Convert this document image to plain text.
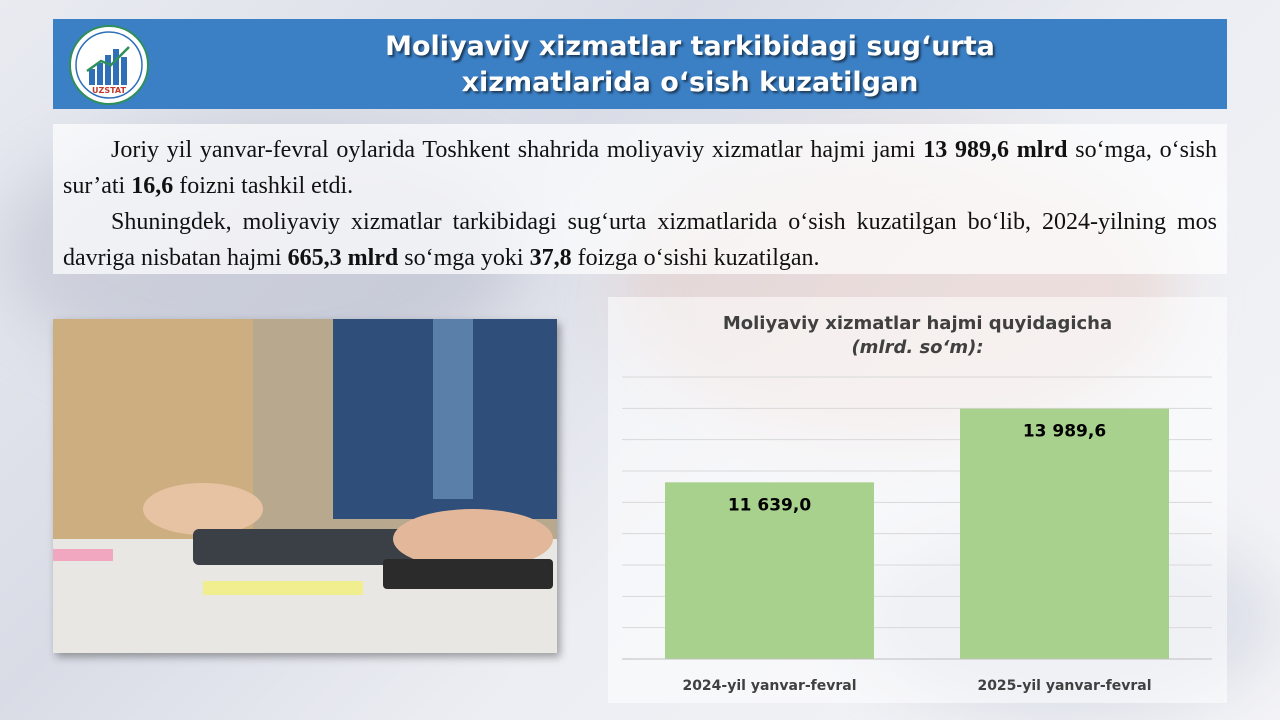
UZSTAT
Moliyaviy xizmatlar tarkibidagi sug‘urta
xizmatlarida o‘sish kuzatilgan

Joriy yil yanvar-fevral oylarida Toshkent shahrida moliyaviy xizmatlar hajmi jami 13 989,6 mlrd so‘mga, o‘sish sur’ati 16,6 foizni tashkil etdi.

Shuningdek, moliyaviy xizmatlar tarkibidagi sug‘urta xizmatlarida o‘sish kuzatilgan bo‘lib, 2024-yilning mos davriga nisbatan hajmi 665,3 mlrd so‘mga yoki 37,8 foizga o‘sishi kuzatilgan.

Moliyaviy xizmatlar hajmi quyidagicha
(mlrd. so‘m):
11 639,0
2024-yil yanvar-fevral
13 989,6
2025-yil yanvar-fevral
